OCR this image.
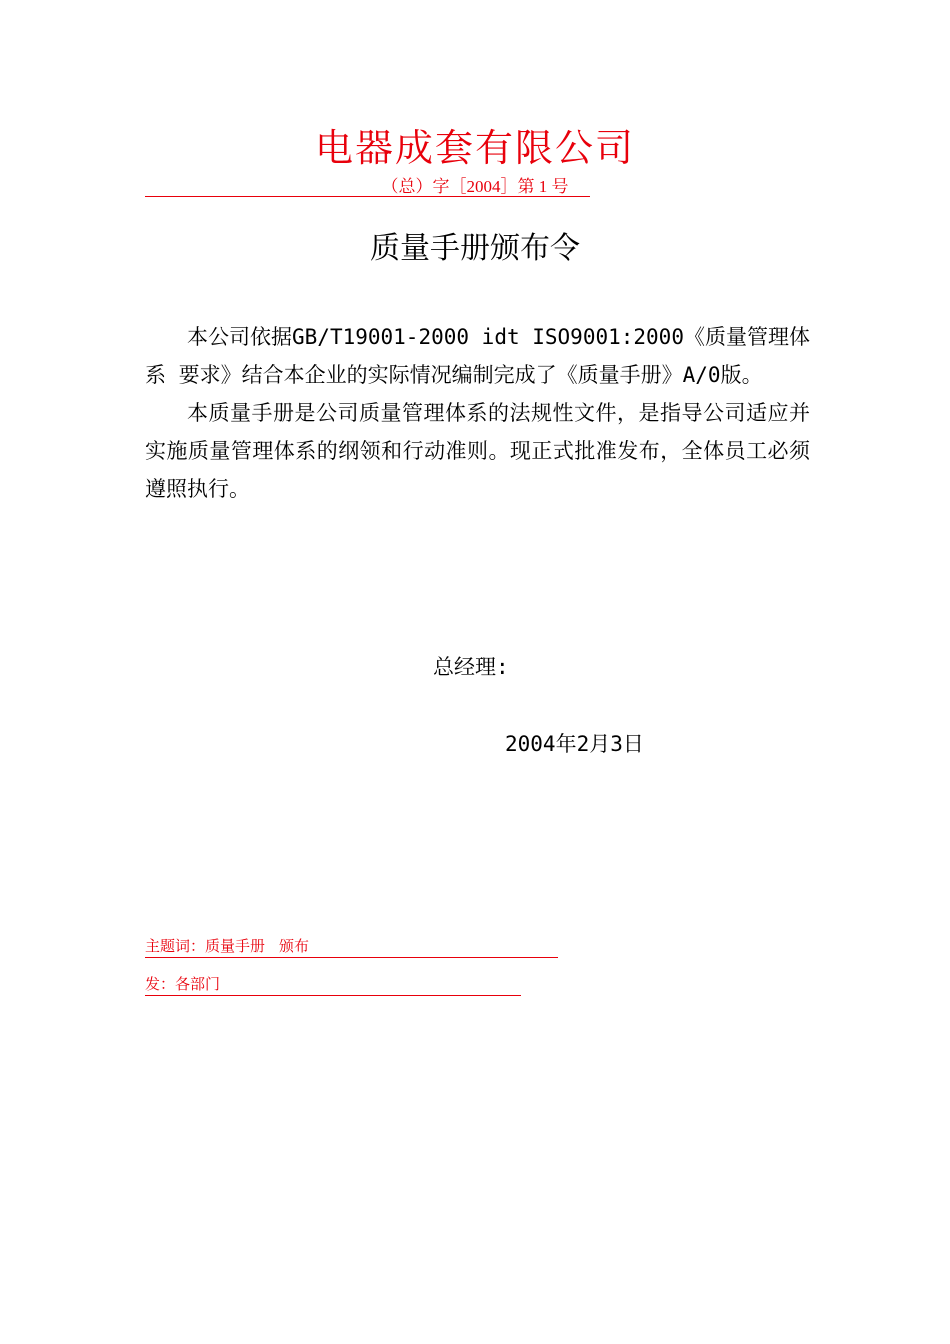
电器成套有限公司
（总）字［2004］第 1 号
质量手册颁布令

本公司依据GB/T19001-2000 idt ISO9001:2000《质量管理体系 要求》结合本企业的实际情况编制完成了《质量手册》A/0版。

本质量手册是公司质量管理体系的法规性文件，是指导公司适应并实施质量管理体系的纲领和行动准则。现正式批准发布，全体员工必须遵照执行。

总经理:
2004年2月3日
主题词：质量手册 颁布
发：各部门
